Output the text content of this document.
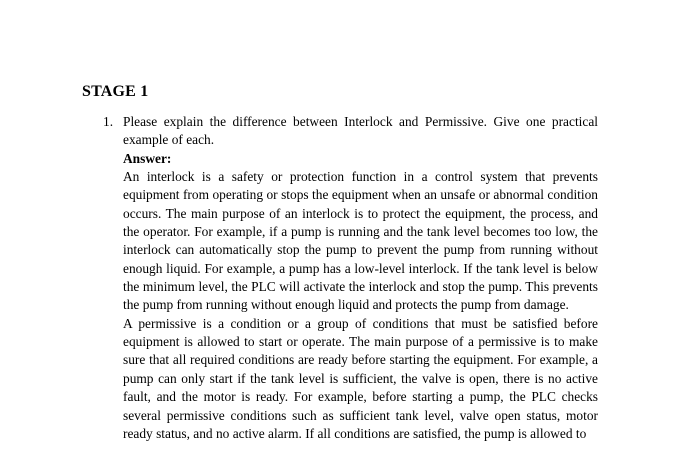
STAGE 1
1. Please explain the difference between Interlock and Permissive. Give one practical example of each.

Answer:

An interlock is a safety or protection function in a control system that prevents equipment from operating or stops the equipment when an unsafe or abnormal condition occurs. The main purpose of an interlock is to protect the equipment, the process, and the operator. For example, if a pump is running and the tank level becomes too low, the interlock can automatically stop the pump to prevent the pump from running without enough liquid. For example, a pump has a low-level interlock. If the tank level is below the minimum level, the PLC will activate the interlock and stop the pump. This prevents the pump from running without enough liquid and protects the pump from damage.

A permissive is a condition or a group of conditions that must be satisfied before equipment is allowed to start or operate. The main purpose of a permissive is to make sure that all required conditions are ready before starting the equipment. For example, a pump can only start if the tank level is sufficient, the valve is open, there is no active fault, and the motor is ready. For example, before starting a pump, the PLC checks several permissive conditions such as sufficient tank level, valve open status, motor ready status, and no active alarm. If all conditions are satisfied, the pump is allowed to
